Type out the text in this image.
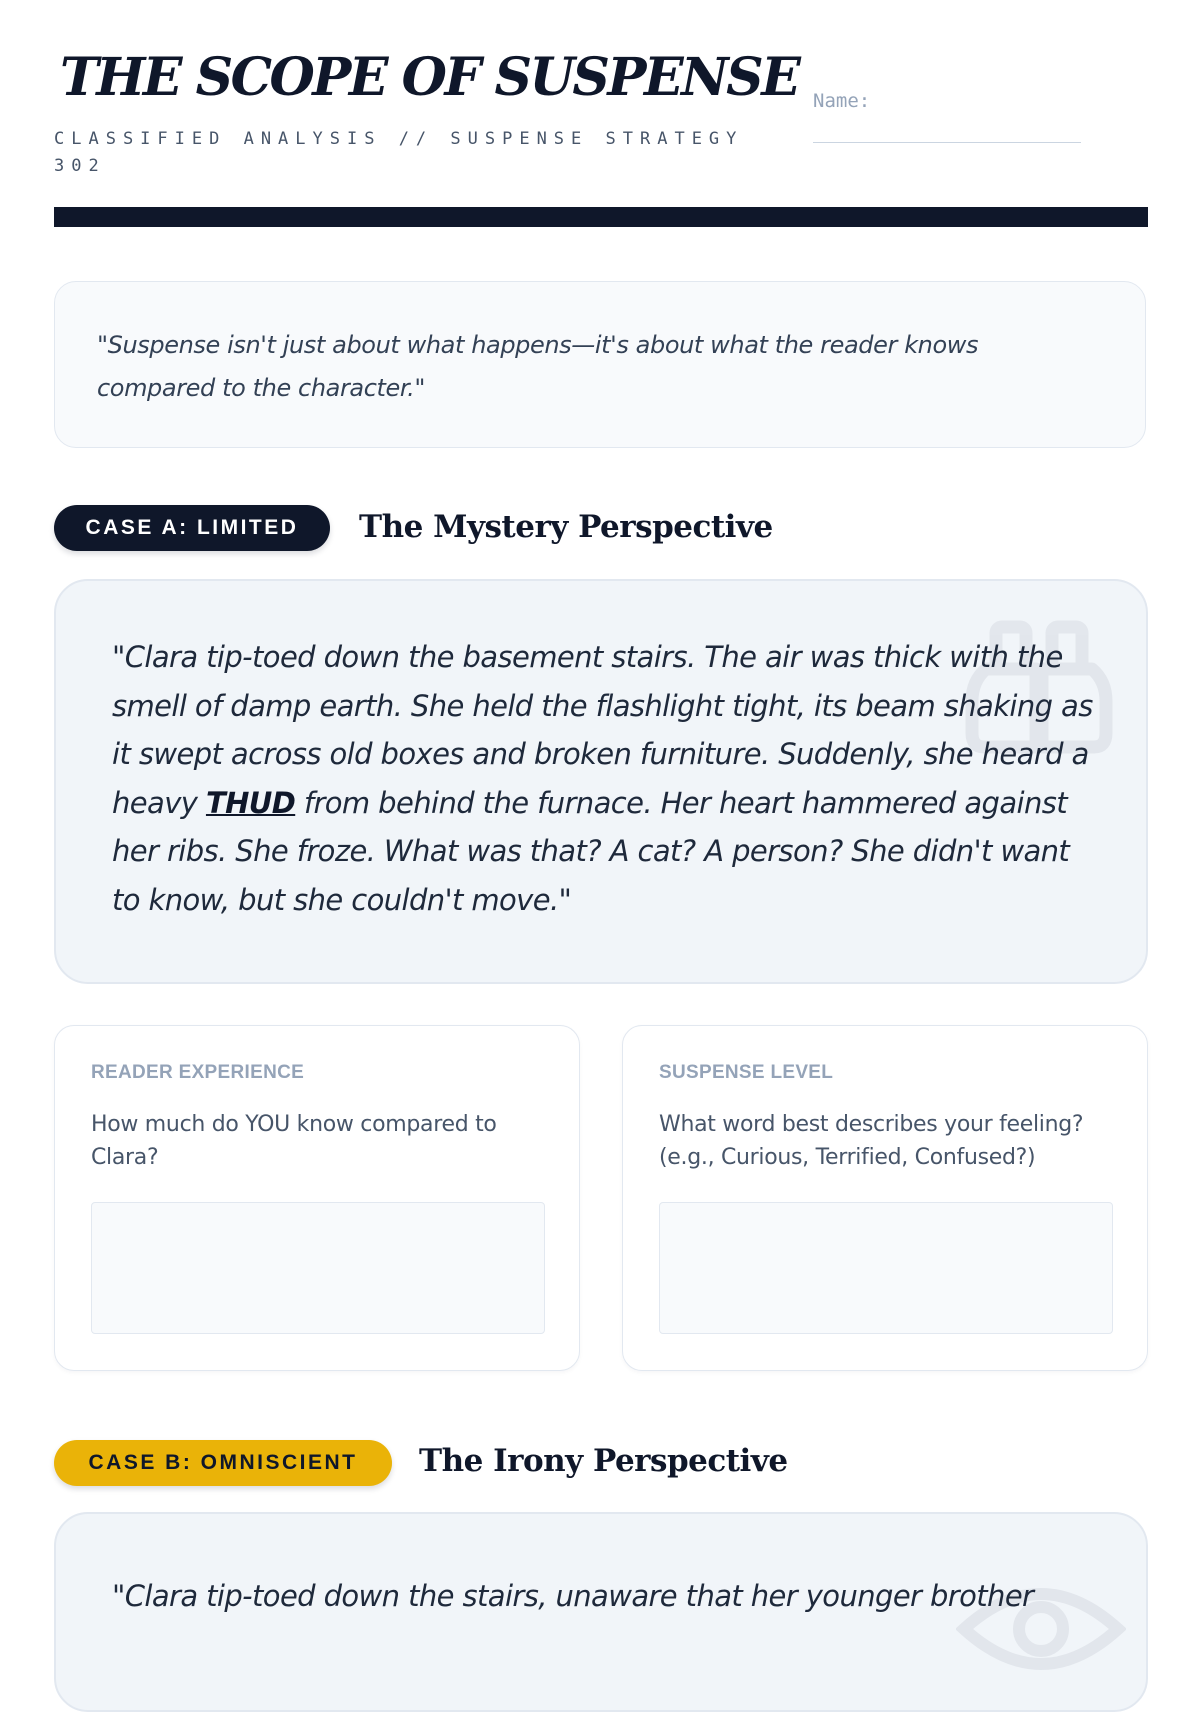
THE SCOPE OF SUSPENSE
CLASSIFIED ANALYSIS // SUSPENSE STRATEGY 302
Name:
"Suspense isn't just about what happens—it's about what the reader knows compared to the character."
CASE A: LIMITED	The Mystery Perspective
"Clara tip-toed down the basement stairs. The air was thick with the smell of damp earth. She held the flashlight tight, its beam shaking as it swept across old boxes and broken furniture. Suddenly, she heard a heavy THUD from behind the furnace. Her heart hammered against her ribs. She froze. What was that? A cat? A person? She didn't want to know, but she couldn't move."
READER EXPERIENCE
How much do YOU know compared to Clara?
SUSPENSE LEVEL
What word best describes your feeling? (e.g., Curious, Terrified, Confused?)
CASE B: OMNISCIENT	The Irony Perspective
"Clara tip-toed down the stairs, unaware that her younger brother
